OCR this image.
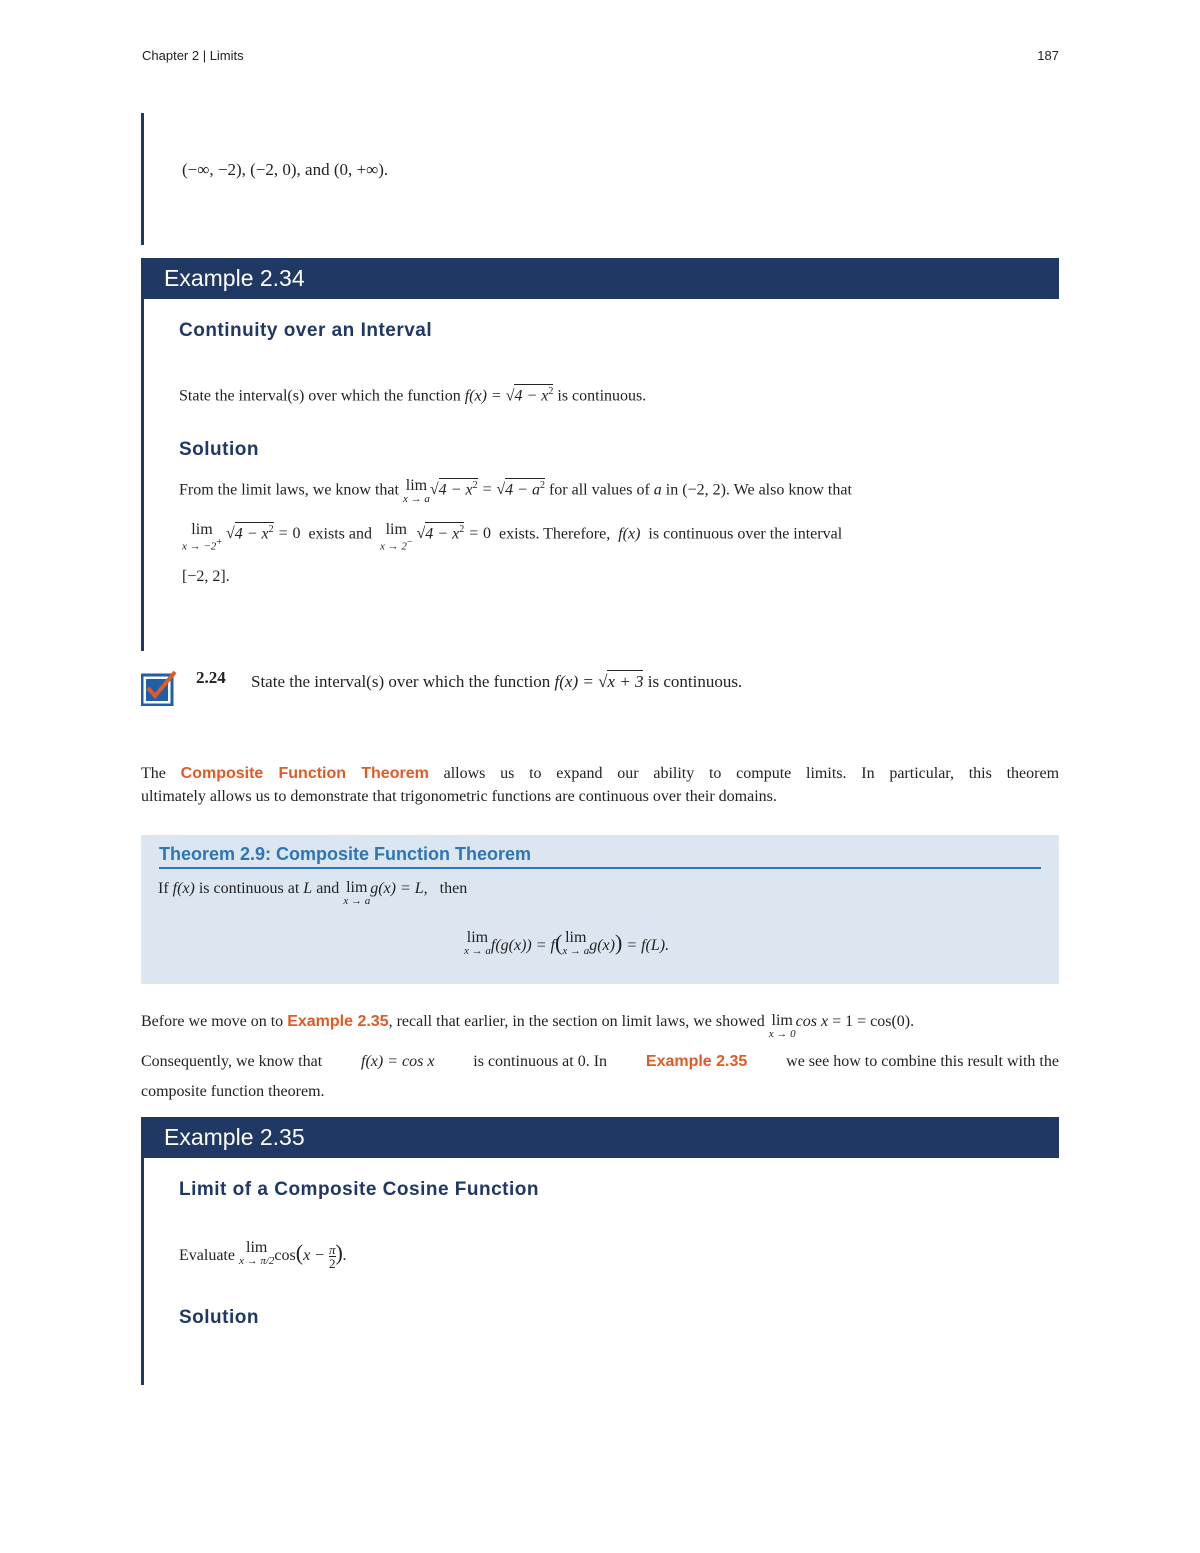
Chapter 2 | Limits	187
(−∞, −2), (−2, 0), and (0, +∞).
Example 2.34
Continuity over an Interval
State the interval(s) over which the function $f(x) = √4 - x^2$ is continuous.
Solution
From the limit laws, we know that lim
x → a
$√4 - x^2 = √4 - a^2$ for all values of a in (−2, 2). We also know that
lim
x → −2+
$√4 - x^2 = 0$ exists and lim
x → 2−
$√4 - x^2 = 0$ exists. Therefore, f(x) is continuous over the interval
[−2, 2].
2.24 State the interval(s) over which the function f(x) = √x + 3 is continuous.
The Composite Function Theorem allows us to expand our ability to compute limits. In particular, this theorem
ultimately allows us to demonstrate that trigonometric functions are continuous over their domains.
Theorem 2.9: Composite Function Theorem
If f(x) is continuous at L and lim
x → a
g(x) = L, then
lim
x → a f(g(x)) = f( lim
x → a g(x)) = f(L).
Before we move on to Example 2.35, recall that earlier, in the section on limit laws, we showed lim
x → 0
cos x = 1 = cos(0).
Consequently, we know that f(x) = cos x is continuous at 0. In Example 2.35 we see how to combine this result with the
composite function theorem.
Example 2.35
Limit of a Composite Cosine Function
Evaluate lim
x → π/2 $\cos(x - \frac{\pi}{2}$ ).
Solution
